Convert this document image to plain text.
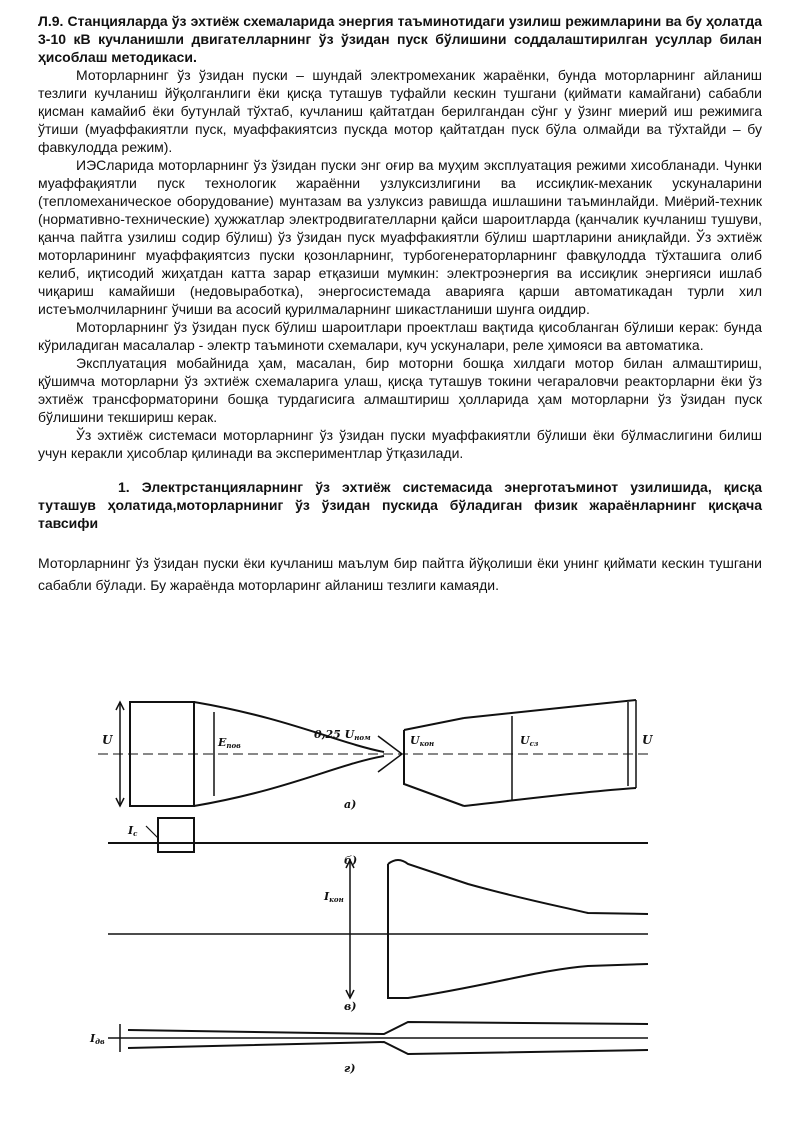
Л.9. Станцияларда ўз эхтиёж схемаларида энергия таъминотидаги узилиш режимларини ва бу ҳолатда 3-10 кВ кучланишли двигателларнинг ўз ўзидан пуск бўлишини соддалаштирилган усуллар билан ҳисоблаш методикаси.

Моторларнинг ўз ўзидан пуски – шундай электромеханик жараёнки, бунда моторларнинг айланиш тезлиги кучланиш йўқолганлиги ёки қисқа туташув туфайли кескин тушгани (қиймати камайгани) сабабли қисман камайиб ёки бутунлай тўхтаб, кучланиш қайтатдан берилгандан сўнг у ўзинг миерий иш режимига ўтиши (муаффакиятли пуск, муаффакиятсиз пускда мотор қайтатдан пуск бўла олмайди ва тўхтайди – бу фавкулодда режим).

ИЭСларида моторларнинг ўз ўзидан пуски энг оғир ва муҳим эксплуатация режими хисобланади. Чунки муаффақиятли пуск технологик жараённи узлуксизлигини ва иссиқлик-механик ускуналарини (тепломеханическое оборудование) мунтазам ва узлуксиз равишда ишлашини таъминлайди. Миёрий-техник (нормативно-технические) ҳужжатлар электродвигателларни қайси шароитларда (қанчалик кучланиш тушуви, қанча пайтга узилиш содир бўлиш) ўз ўзидан пуск муаффакиятли бўлиш шартларини аниқлайди. Ўз эхтиёж моторларининг муаффақиятсиз пуски қозонларнинг, турбогенераторларнинг фавқулодда тўхташига олиб келиб, иқтисодий жиҳатдан катта зарар етқазиши мумкин: электроэнергия ва иссиқлик энергияси ишлаб чиқариш камайиши (недовыработка), энергосистемада аварияга қарши автоматикадан турли хил истеъмолчиларнинг ўчиши ва асосий қурилмаларнинг шикастланиши шунга оиддир.

Моторларнинг ўз ўзидан пуск бўлиш шароитлари проектлаш вақтида қисобланган бўлиши керак: бунда кўриладиган масалалар - электр таъминоти схемалари, куч ускуналари, реле ҳимояси ва автоматика.

Эксплуатация мобайнида ҳам, масалан, бир моторни бошқа хилдаги мотор билан алмаштириш, қўшимча моторларни ўз эхтиёж схемаларига улаш, қисқа туташув токини чегараловчи реакторларни ёки ўз эхтиёж трансформаторини бошқа турдагисига алмаштириш ҳолларида ҳам моторларни ўз ўзидан пуск бўлишини текшириш керак.

Ўз эхтиёж системаси моторларнинг ўз ўзидан пуски муаффакиятли бўлиши ёки бўлмаслигини билиш учун керакли ҳисоблар қилинади ва экспериментлар ўтқазилади.

1. Электрстанцияларнинг ўз эхтиёж системасида энерготаъминот узилишида, қисқа туташув ҳолатида,моторларниниг ўз ўзидан пускида бўладиган физик жараёнларнинг қисқача тавсифи

Моторларнинг ўз ўзидан пуски ёки кучланиш маълум бир пайтга йўқолиши ёки унинг қиймати кескин тушгани сабабли бўлади. Бу жараёнда моторларинг айланиш тезлиги камаяди.

U	Eпов
0,25 Uном	Uкон	Uсз	U
а)
Iс
б)
Iкон
в)
Iдв
г)
